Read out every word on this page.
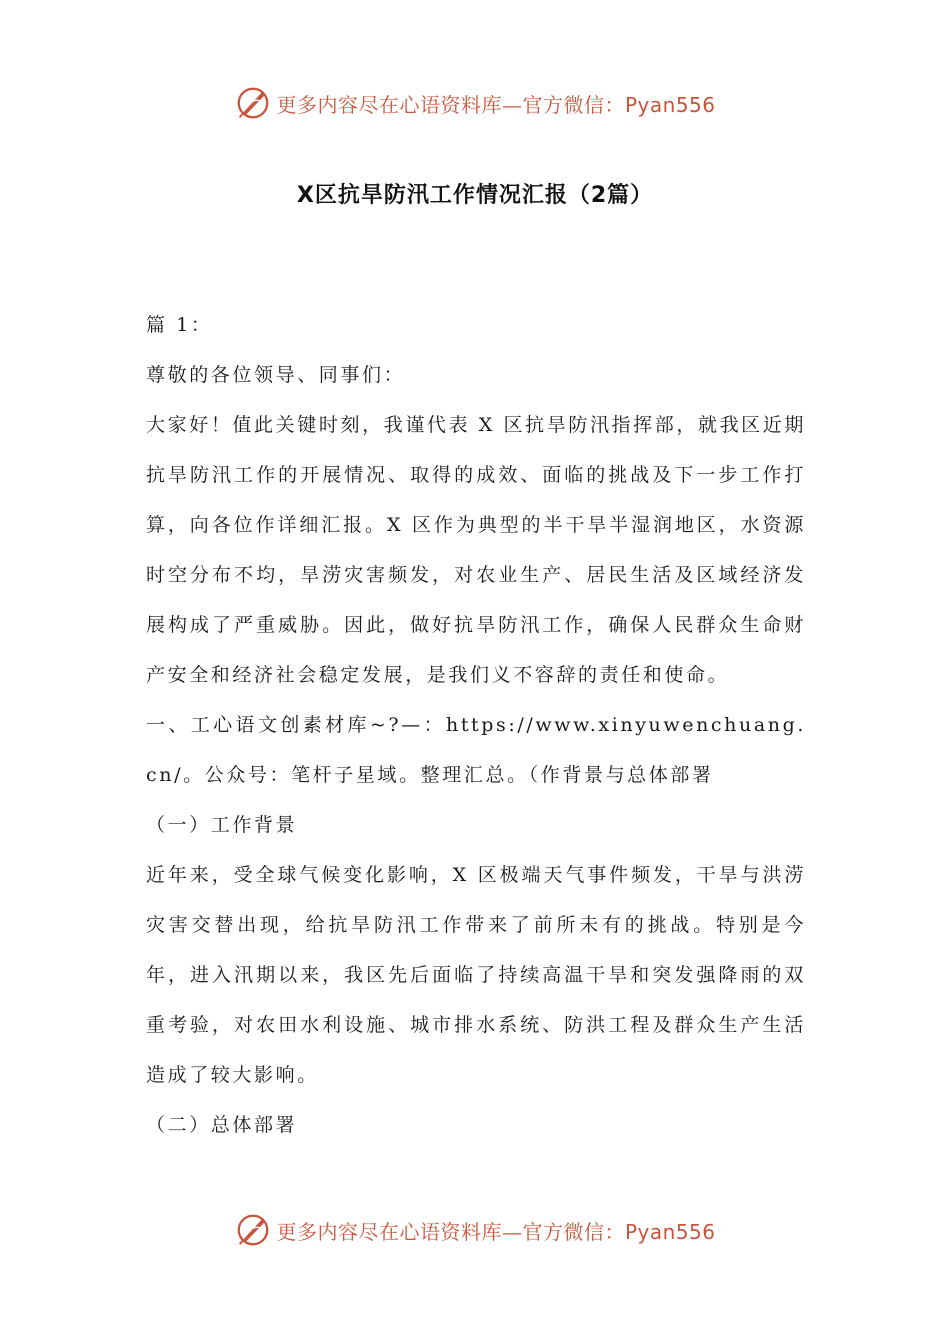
更多内容尽在心语资料库—官方微信：Pyan556
X区抗旱防汛工作情况汇报（2篇）

篇 1：

尊敬的各位领导、同事们：

大家好！值此关键时刻，我谨代表 X 区抗旱防汛指挥部，就我区近期抗旱防汛工作的开展情况、取得的成效、面临的挑战及下一步工作打算，向各位作详细汇报。X 区作为典型的半干旱半湿润地区，水资源时空分布不均，旱涝灾害频发，对农业生产、居民生活及区域经济发展构成了严重威胁。因此，做好抗旱防汛工作，确保人民群众生命财产安全和经济社会稳定发展，是我们义不容辞的责任和使命。

一、工心语文创素材库~?—：https://www.xinyuwenchuang.cn/。公众号：笔杆子星域。整理汇总。（作背景与总体部署

（一）工作背景

近年来，受全球气候变化影响，X 区极端天气事件频发，干旱与洪涝灾害交替出现，给抗旱防汛工作带来了前所未有的挑战。特别是今年，进入汛期以来，我区先后面临了持续高温干旱和突发强降雨的双重考验，对农田水利设施、城市排水系统、防洪工程及群众生产生活造成了较大影响。

（二）总体部署

更多内容尽在心语资料库—官方微信：Pyan556
